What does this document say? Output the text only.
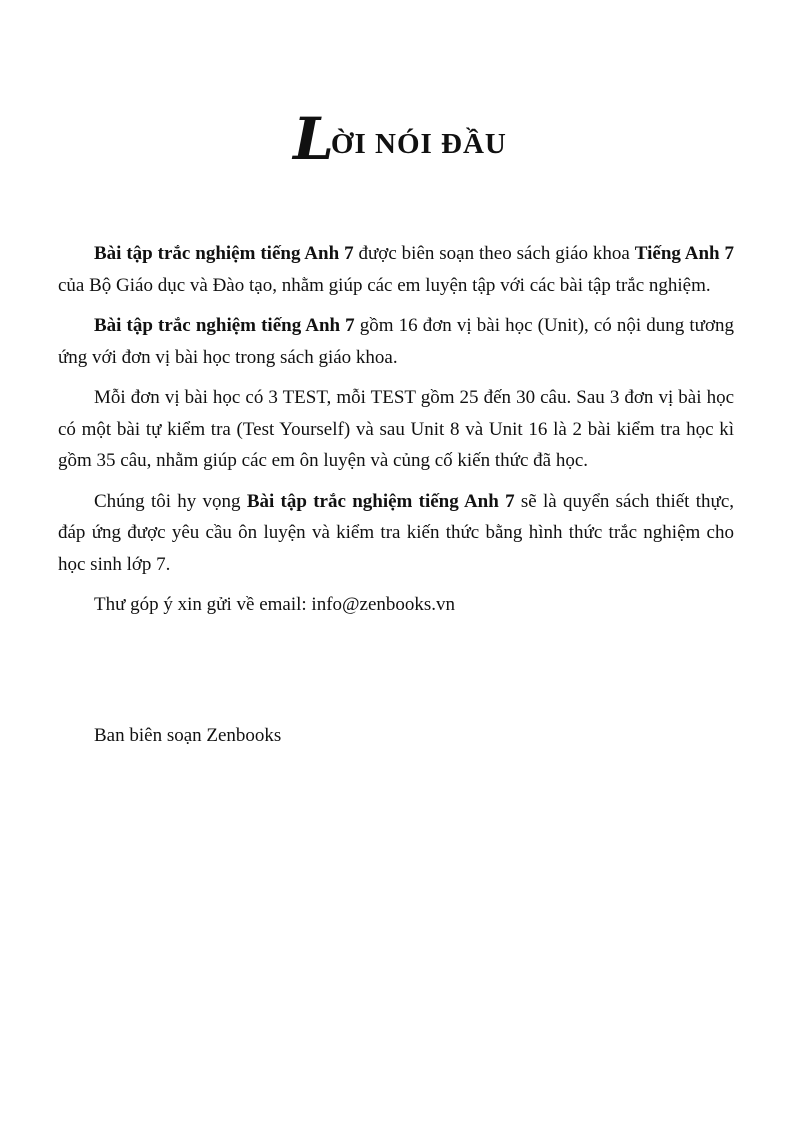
LỜI NÓI ĐẦU

Bài tập trắc nghiệm tiếng Anh 7 được biên soạn theo sách giáo khoa Tiếng Anh 7 của Bộ Giáo dục và Đào tạo, nhằm giúp các em luyện tập với các bài tập trắc nghiệm.

Bài tập trắc nghiệm tiếng Anh 7 gồm 16 đơn vị bài học (Unit), có nội dung tương ứng với đơn vị bài học trong sách giáo khoa.

Mỗi đơn vị bài học có 3 TEST, mỗi TEST gồm 25 đến 30 câu. Sau 3 đơn vị bài học có một bài tự kiểm tra (Test Yourself) và sau Unit 8 và Unit 16 là 2 bài kiểm tra học kì gồm 35 câu, nhằm giúp các em ôn luyện và củng cố kiến thức đã học.

Chúng tôi hy vọng Bài tập trắc nghiệm tiếng Anh 7 sẽ là quyển sách thiết thực, đáp ứng được yêu cầu ôn luyện và kiểm tra kiến thức bằng hình thức trắc nghiệm cho học sinh lớp 7.

Thư góp ý xin gửi về email: info@zenbooks.vn

Ban biên soạn Zenbooks
